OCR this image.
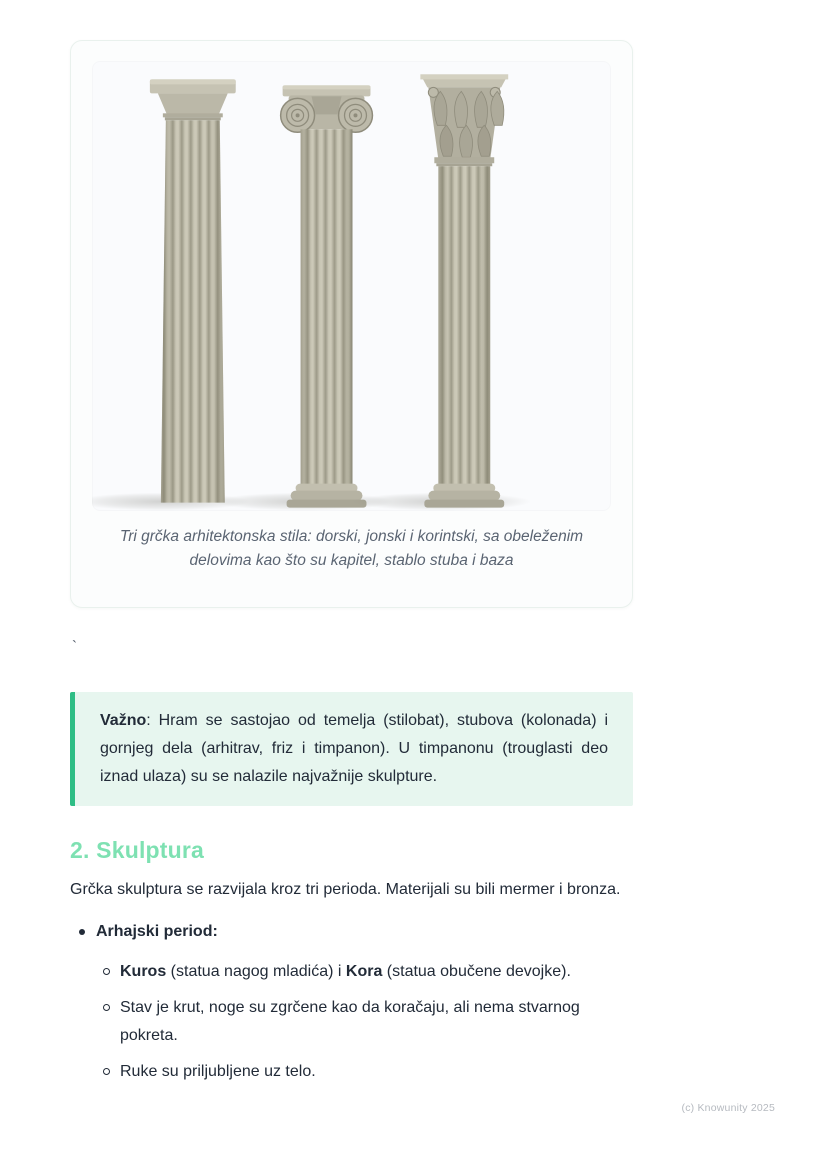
Tri grčka arhitektonska stila: dorski, jonski i korintski, sa obeleženim delovima kao što su kapitel, stablo stuba i baza

`

Važno: Hram se sastojao od temelja (stilobat), stubova (kolonada) i gornjeg dela (arhitrav, friz i timpanon). U timpanonu (trouglasti deo iznad ulaza) su se nalazile najvažnije skulpture.

2. Skulptura

Grčka skulptura se razvijala kroz tri perioda. Materijali su bili mermer i bronza.

Arhajski period:
Kuros (statua nagog mladića) i Kora (statua obučene devojke).
Stav je krut, noge su zgrčene kao da koračaju, ali nema stvarnog pokreta.
Ruke su priljubljene uz telo.
(c) Knowunity 2025
